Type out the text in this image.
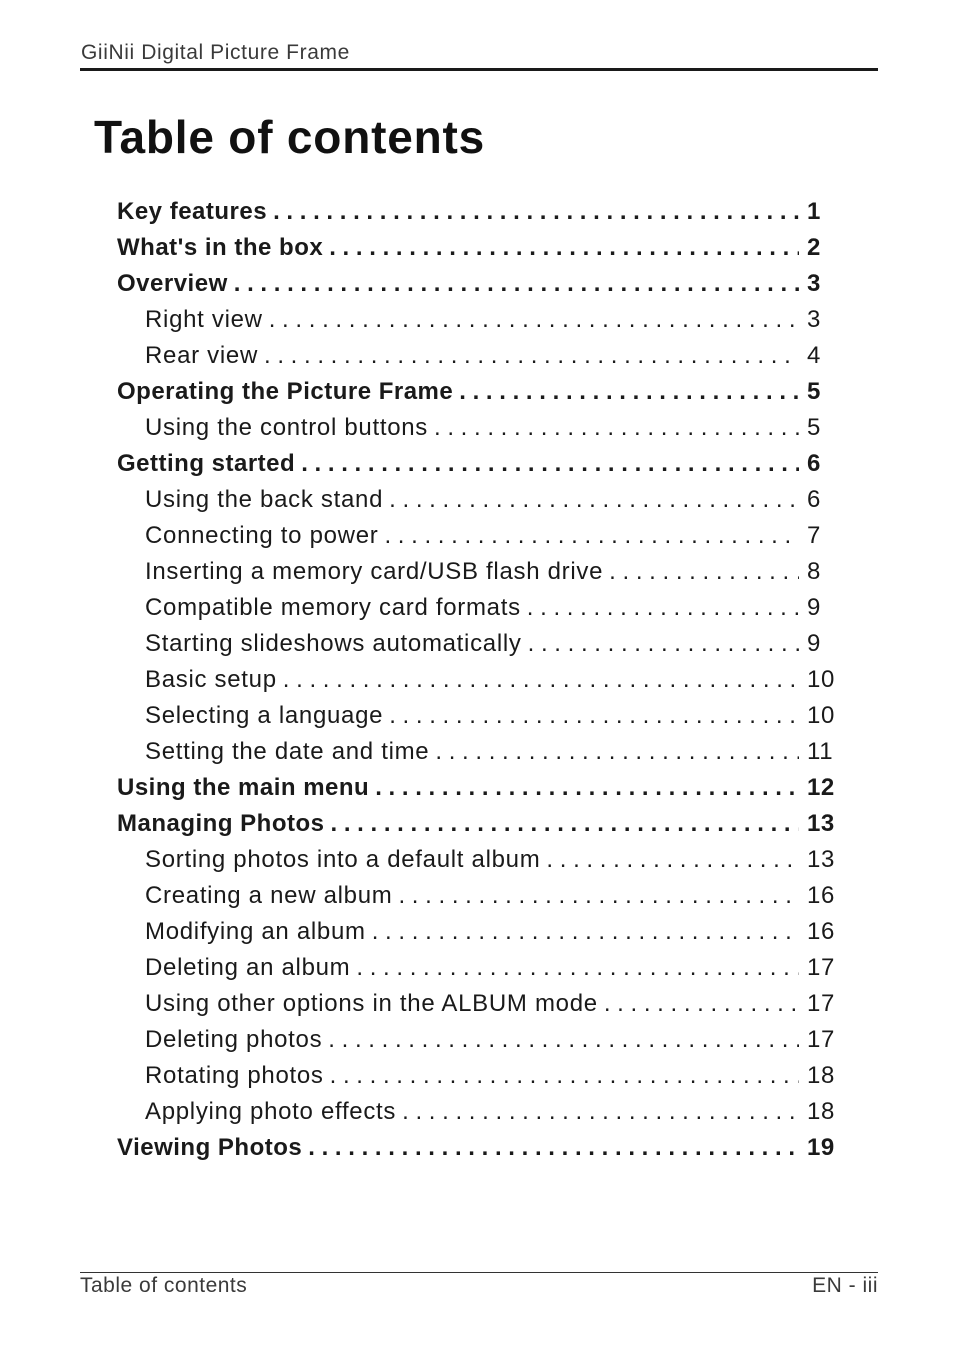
GiiNii Digital Picture Frame
Table of contents
Key features . . .	1
What's in the box . . .	2
Overview . . .	3
Right view . . .	3
Rear view . . .	4
Operating the Picture Frame . . .	5
Using the control buttons . . .	5
Getting started . . .	6
Using the back stand . . .	6
Connecting to power . . .	7
Inserting a memory card/USB flash drive . . .	8
Compatible memory card formats . . .	9
Starting slideshows automatically . . .	9
Basic setup . . .	10
Selecting a language . . .	10
Setting the date and time . . .	11
Using the main menu . . .	12
Managing Photos . . .	13
Sorting photos into a default album . . .	13
Creating a new album . . .	16
Modifying an album . . .	16
Deleting an album . . .	17
Using other options in the ALBUM mode . . .	17
Deleting photos . . .	17
Rotating photos . . .	18
Applying photo effects . . .	18
Viewing Photos . . .	19
Table of contents	EN - iii
